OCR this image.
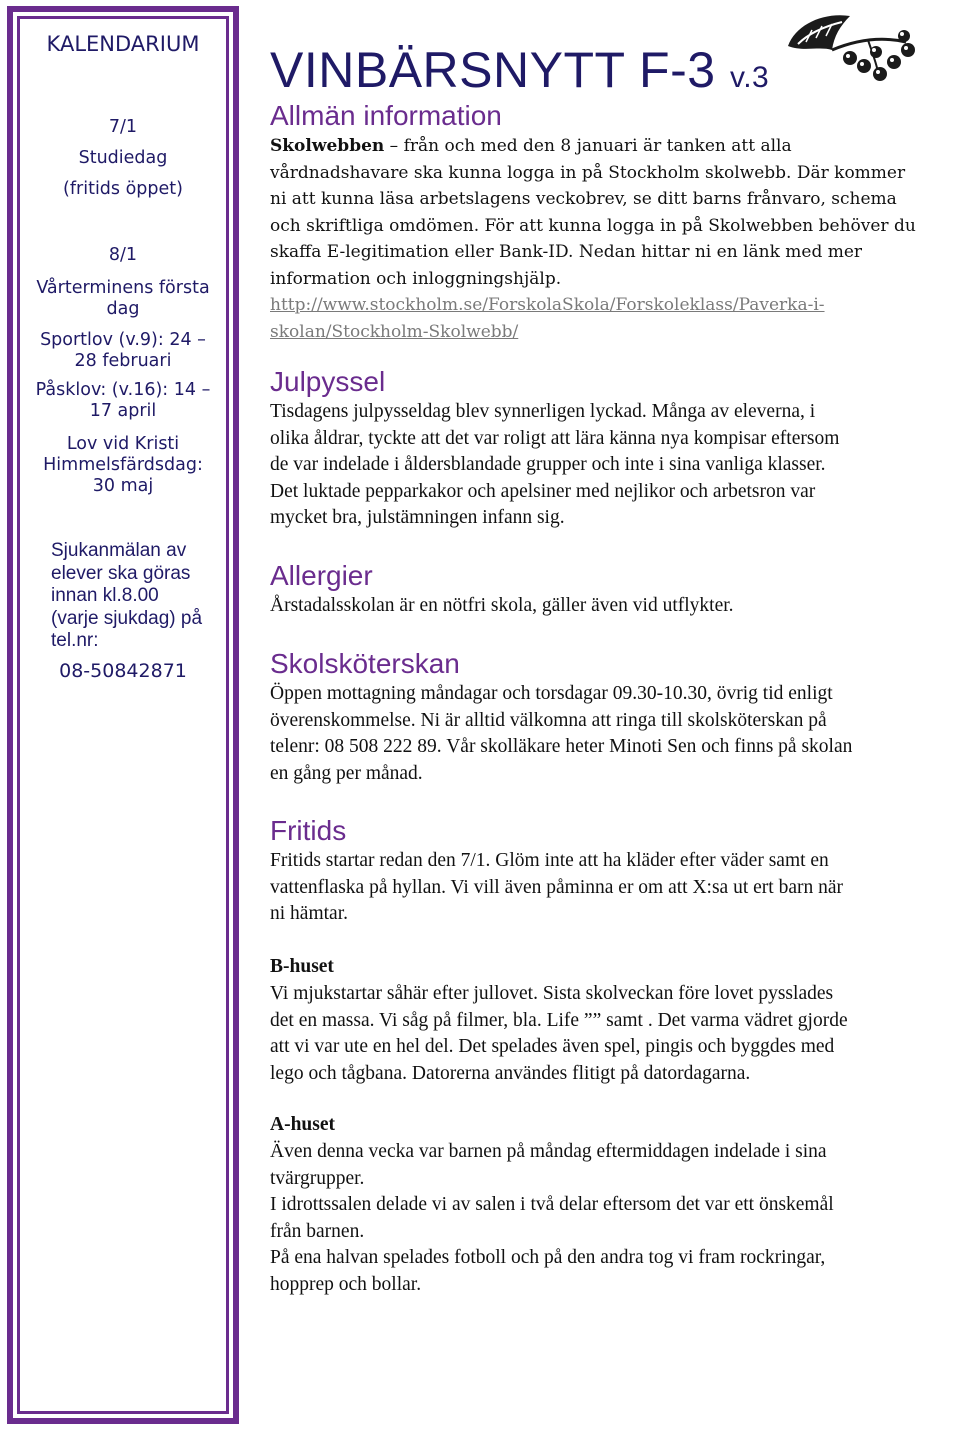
KALENDARIUM
7/1
Studiedag
(fritids öppet)
8/1
Vårterminens första
dag
Sportlov (v.9): 24 –
28 februari
Påsklov: (v.16): 14 –
17 april
Lov vid Kristi
Himmelsfärdsdag:
30 maj
Sjukanmälan av
elever ska göras
innan kl.8.00
(varje sjukdag) på
tel.nr:
08-50842871
VINBÄRSNYTT F-3 v.3
Allmän information
Skolwebben – från och med den 8 januari är tanken att alla
vårdnadshavare ska kunna logga in på Stockholm skolwebb. Där kommer
ni att kunna läsa arbetslagens veckobrev, se ditt barns frånvaro, schema
och skriftliga omdömen. För att kunna logga in på Skolwebben behöver du
skaffa E-legitimation eller Bank-ID. Nedan hittar ni en länk med mer
information och inloggningshjälp.
http://www.stockholm.se/ForskolaSkola/Forskoleklass/Paverka-i-
skolan/Stockholm-Skolwebb/
Julpyssel
Tisdagens julpysseldag blev synnerligen lyckad. Många av eleverna, i
olika åldrar, tyckte att det var roligt att lära känna nya kompisar eftersom
de var indelade i åldersblandade grupper och inte i sina vanliga klasser.
Det luktade pepparkakor och apelsiner med nejlikor och arbetsron var
mycket bra, julstämningen infann sig.
Allergier
Årstadalsskolan är en nötfri skola, gäller även vid utflykter.
Skolsköterskan
Öppen mottagning måndagar och torsdagar 09.30-10.30, övrig tid enligt
överenskommelse. Ni är alltid välkomna att ringa till skolsköterskan på
telenr: 08 508 222 89. Vår skolläkare heter Minoti Sen och finns på skolan
en gång per månad.
Fritids
Fritids startar redan den 7/1. Glöm inte att ha kläder efter väder samt en
vattenflaska på hyllan. Vi vill även påminna er om att X:sa ut ert barn när
ni hämtar.
B-huset
Vi mjukstartar såhär efter jullovet. Sista skolveckan före lovet pysslades
det en massa. Vi såg på filmer, bla. Life ”” samt . Det varma vädret gjorde
att vi var ute en hel del. Det spelades även spel, pingis och byggdes med
lego och tågbana. Datorerna användes flitigt på datordagarna.
A-huset
Även denna vecka var barnen på måndag eftermiddagen indelade i sina
tvärgrupper.
I idrottssalen delade vi av salen i två delar eftersom det var ett önskemål
från barnen.
På ena halvan spelades fotboll och på den andra tog vi fram rockringar,
hopprep och bollar.
